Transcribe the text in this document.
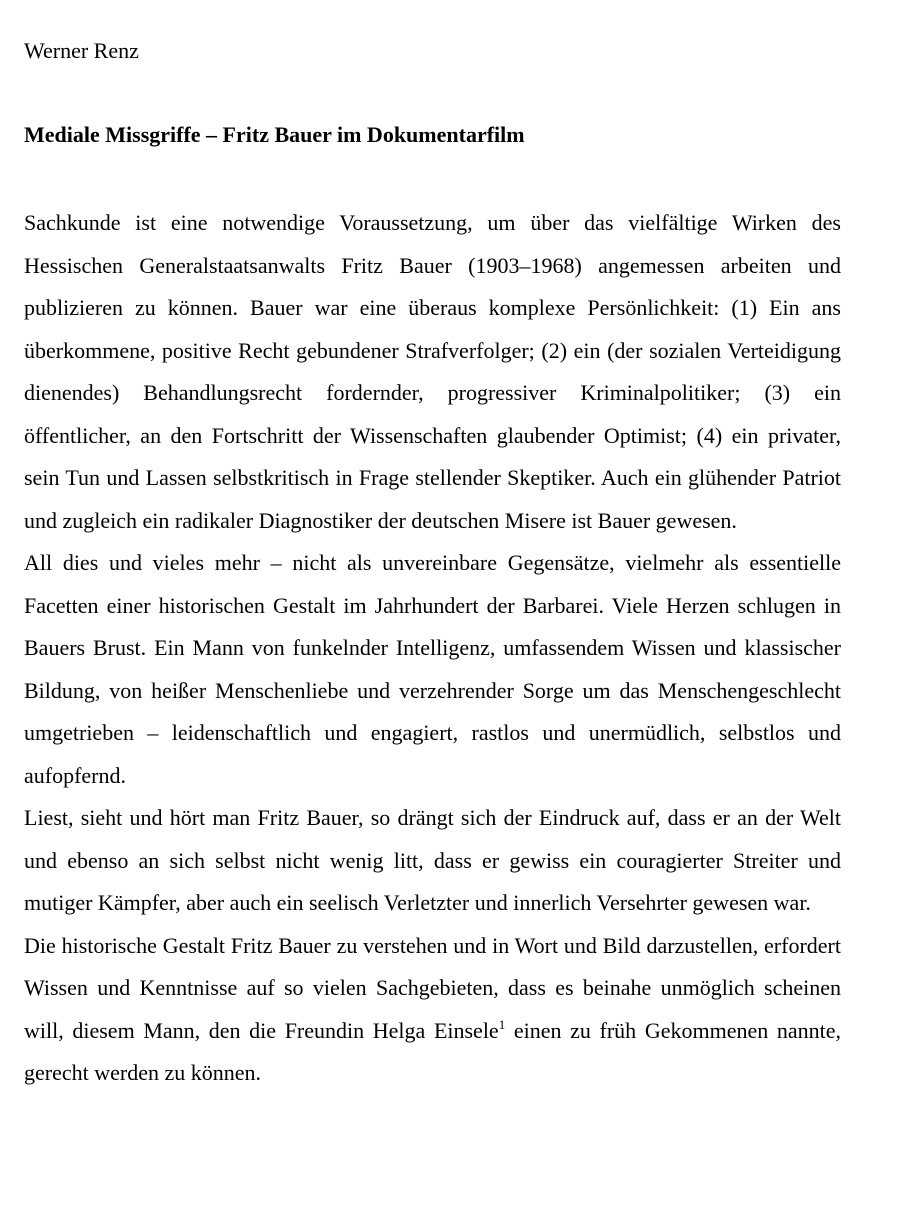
Werner Renz
Mediale Missgriffe – Fritz Bauer im Dokumentarfilm

Sachkunde ist eine notwendige Voraussetzung, um über das vielfältige Wirken des Hessischen Generalstaatsanwalts Fritz Bauer (1903–1968) angemessen arbeiten und publizieren zu können. Bauer war eine überaus komplexe Persönlichkeit: (1) Ein ans überkommene, positive Recht gebundener Strafverfolger; (2) ein (der sozialen Verteidigung dienendes) Behandlungsrecht fordernder, progressiver Kriminalpolitiker; (3) ein öffentlicher, an den Fortschritt der Wissenschaften glaubender Optimist; (4) ein privater, sein Tun und Lassen selbstkritisch in Frage stellender Skeptiker. Auch ein glühender Patriot und zugleich ein radikaler Diagnostiker der deutschen Misere ist Bauer gewesen.

All dies und vieles mehr – nicht als unvereinbare Gegensätze, vielmehr als essentielle Facetten einer historischen Gestalt im Jahrhundert der Barbarei. Viele Herzen schlugen in Bauers Brust. Ein Mann von funkelnder Intelligenz, umfassendem Wissen und klassischer Bildung, von heißer Menschenliebe und verzehrender Sorge um das Menschengeschlecht umgetrieben – leidenschaftlich und engagiert, rastlos und unermüdlich, selbstlos und aufopfernd.

Liest, sieht und hört man Fritz Bauer, so drängt sich der Eindruck auf, dass er an der Welt und ebenso an sich selbst nicht wenig litt, dass er gewiss ein couragierter Streiter und mutiger Kämpfer, aber auch ein seelisch Verletzter und innerlich Versehrter gewesen war.

Die historische Gestalt Fritz Bauer zu verstehen und in Wort und Bild darzustellen, erfordert Wissen und Kenntnisse auf so vielen Sachgebieten, dass es beinahe unmöglich scheinen will, diesem Mann, den die Freundin Helga Einsele$^1$ einen zu früh Gekommenen nannte, gerecht werden zu können.
